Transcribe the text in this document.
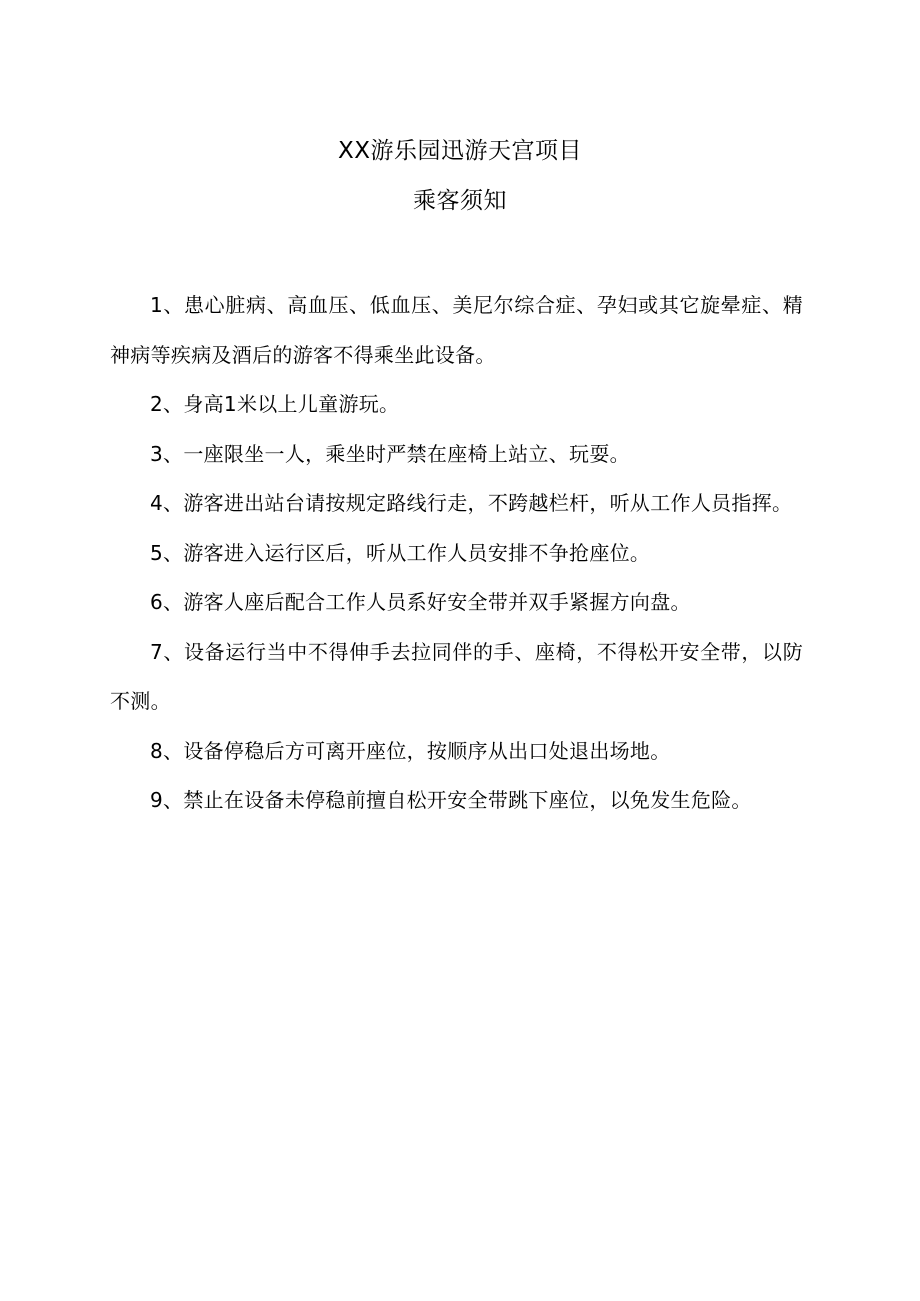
XX游乐园迅游天宫项目
乘客须知
1、患心脏病、高血压、低血压、美尼尔综合症、孕妇或其它旋晕症、精神病等疾病及酒后的游客不得乘坐此设备。
2、身高1米以上儿童游玩。
3、一座限坐一人，乘坐时严禁在座椅上站立、玩耍。
4、游客进出站台请按规定路线行走，不跨越栏杆，听从工作人员指挥。
5、游客进入运行区后，听从工作人员安排不争抢座位。
6、游客人座后配合工作人员系好安全带并双手紧握方向盘。
7、设备运行当中不得伸手去拉同伴的手、座椅，不得松开安全带，以防不测。
8、设备停稳后方可离开座位，按顺序从出口处退出场地。
9、禁止在设备未停稳前擅自松开安全带跳下座位，以免发生危险。
